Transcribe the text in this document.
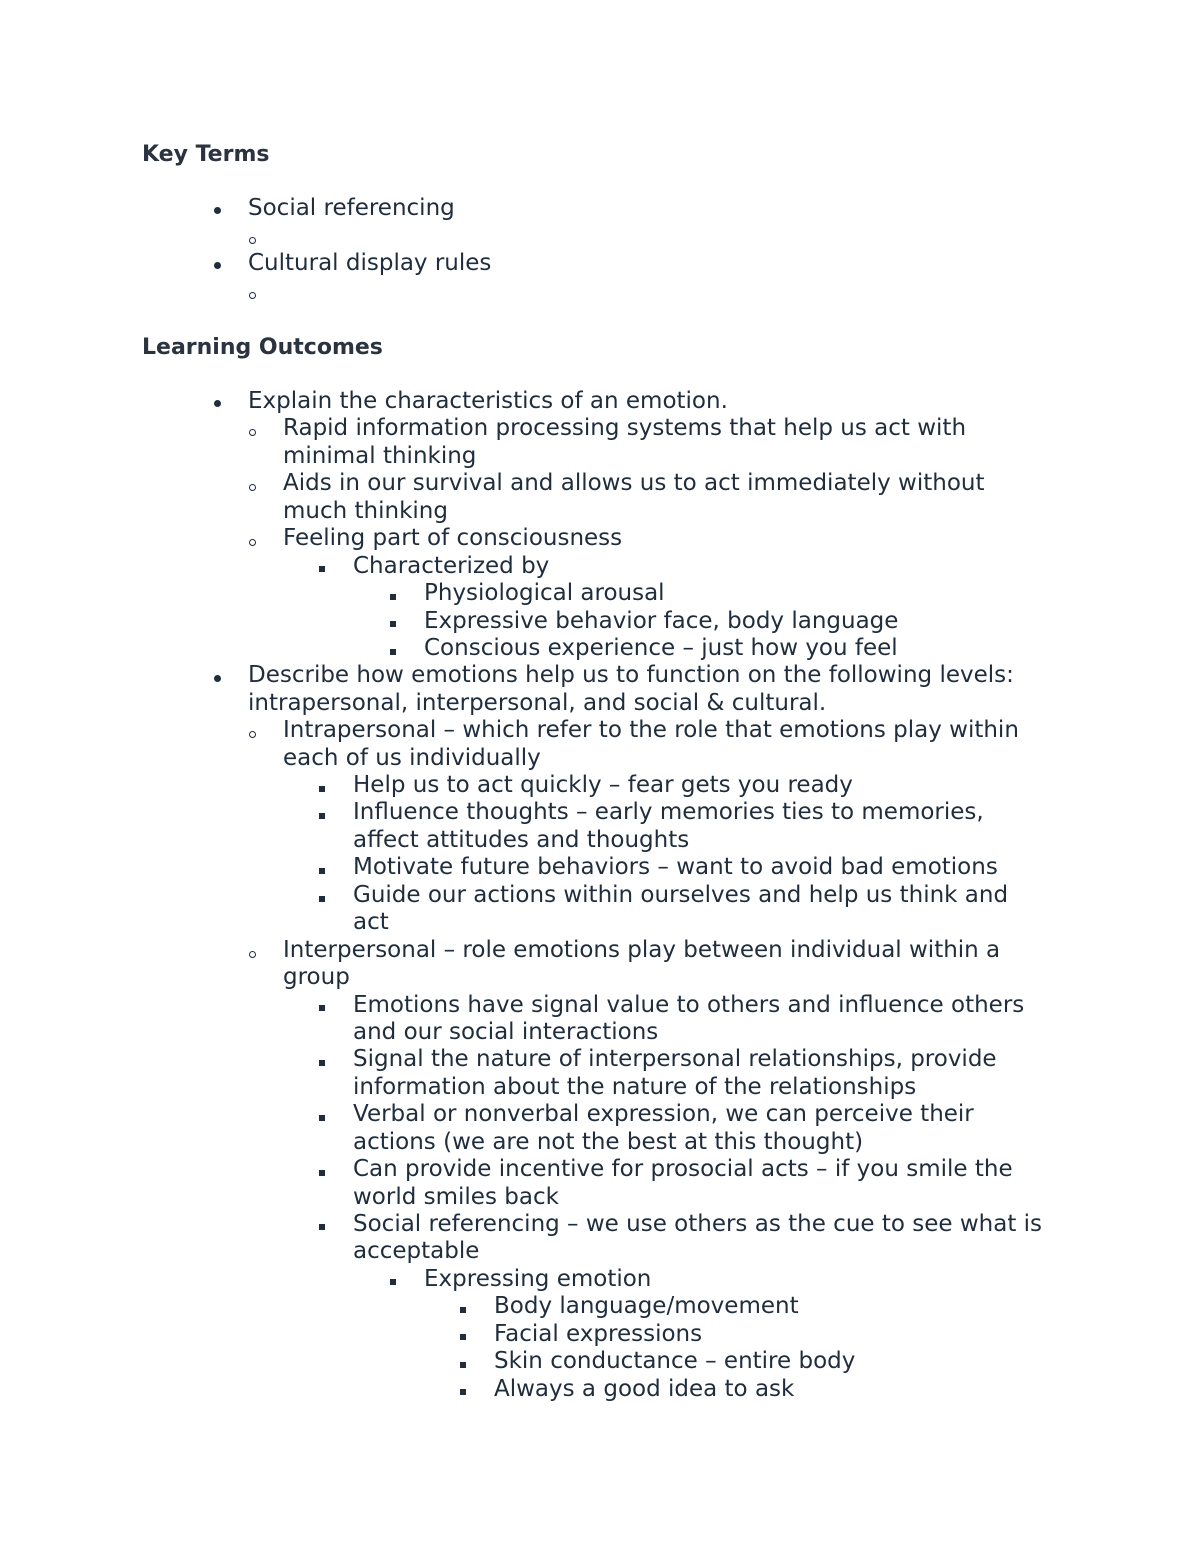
Key Terms
Social referencing
Cultural display rules
Learning Outcomes
Explain the characteristics of an emotion.
Rapid information processing systems that help us act with
minimal thinking
Aids in our survival and allows us to act immediately without
much thinking
Feeling part of consciousness
Characterized by
Physiological arousal
Expressive behavior face, body language
Conscious experience – just how you feel
Describe how emotions help us to function on the following levels:
intrapersonal, interpersonal, and social & cultural.
Intrapersonal – which refer to the role that emotions play within
each of us individually
Help us to act quickly – fear gets you ready
Influence thoughts – early memories ties to memories,
affect attitudes and thoughts
Motivate future behaviors – want to avoid bad emotions
Guide our actions within ourselves and help us think and
act
Interpersonal – role emotions play between individual within a
group
Emotions have signal value to others and influence others
and our social interactions
Signal the nature of interpersonal relationships, provide
information about the nature of the relationships
Verbal or nonverbal expression, we can perceive their
actions (we are not the best at this thought)
Can provide incentive for prosocial acts – if you smile the
world smiles back
Social referencing – we use others as the cue to see what is
acceptable
Expressing emotion
Body language/movement
Facial expressions
Skin conductance – entire body
Always a good idea to ask
